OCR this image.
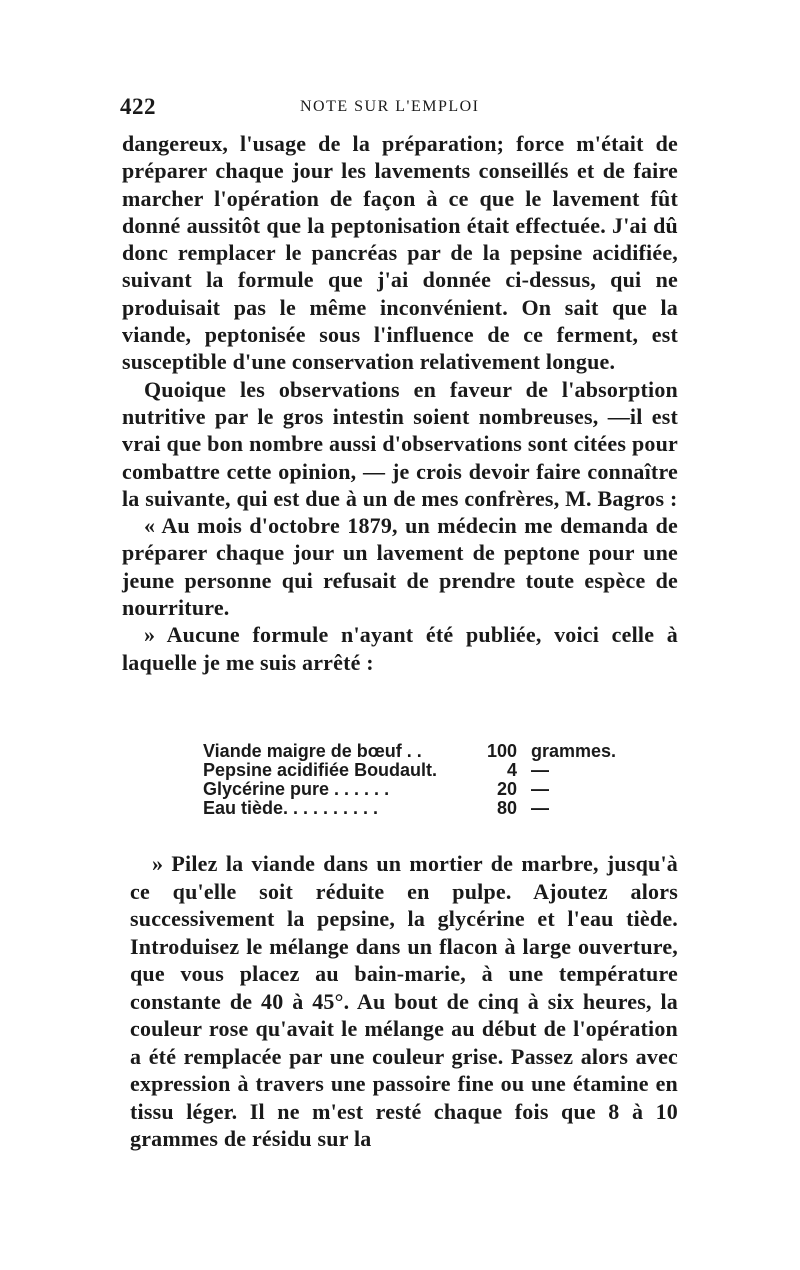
422	NOTE SUR L'EMPLOI

dangereux, l'usage de la préparation; force m'était de préparer chaque jour les lavements conseillés et de faire marcher l'opération de façon à ce que le lavement fût donné aussitôt que la peptonisation était effectuée. J'ai dû donc remplacer le pancréas par de la pepsine acidifiée, suivant la formule que j'ai donnée ci-dessus, qui ne produisait pas le même inconvénient. On sait que la viande, peptonisée sous l'influence de ce ferment, est susceptible d'une conservation relativement longue.

Quoique les observations en faveur de l'absorption nutritive par le gros intestin soient nombreuses, —il est vrai que bon nombre aussi d'observations sont citées pour combattre cette opinion, — je crois devoir faire connaître la suivante, qui est due à un de mes confrères, M. Bagros :

« Au mois d'octobre 1879, un médecin me demanda de préparer chaque jour un lavement de peptone pour une jeune personne qui refusait de prendre toute espèce de nourriture.

» Aucune formule n'ayant été publiée, voici celle à laquelle je me suis arrêté :

Viande maigre de bœuf . .	100 grammes.
Pepsine acidifiée Boudault.	4 —
Glycérine pure . . . . . .	20 —
Eau tiède. . . . . . . . . .	80 —

» Pilez la viande dans un mortier de marbre, jusqu'à ce qu'elle soit réduite en pulpe. Ajoutez alors successivement la pepsine, la glycérine et l'eau tiède. Introduisez le mélange dans un flacon à large ouverture, que vous placez au bain-marie, à une température constante de 40 à 45°. Au bout de cinq à six heures, la couleur rose qu'avait le mélange au début de l'opération a été remplacée par une couleur grise. Passez alors avec expression à travers une passoire fine ou une étamine en tissu léger. Il ne m'est resté chaque fois que 8 à 10 grammes de résidu sur la
